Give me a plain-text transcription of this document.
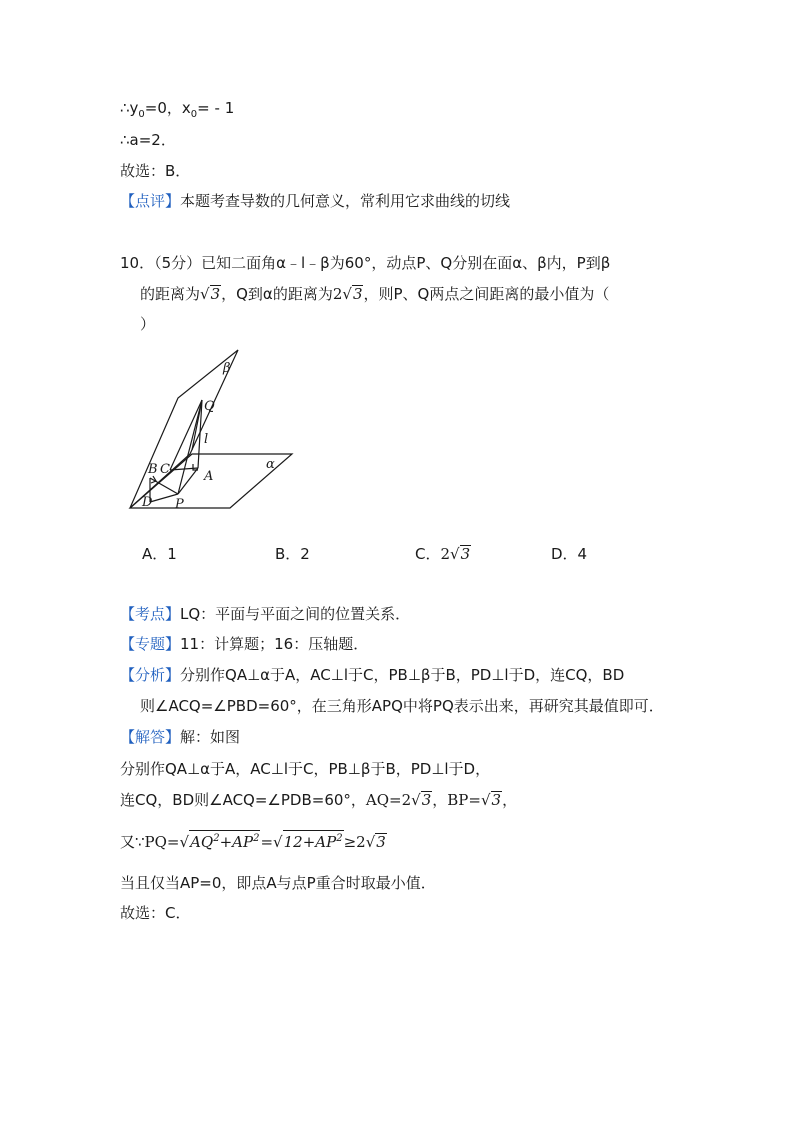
$\therefore y_0=0$，$x_0=$ ‐ 1
∴a=2．
故选：B．
【点评】本题考查导数的几何意义，常利用它求曲线的切线
10．（5分）已知二面角α﹣l﹣β为60°，动点P、Q分别在面α、β内，P到β
的距离为√3，Q到α的距离为2√3，则P、Q两点之间距离的最小值为（
）
β
Q
l
B C	A
D P
α
A．1	B．2	C．2√3	D．4
【考点】LQ：平面与平面之间的位置关系．
【专题】11：计算题；16：压轴题．
【分析】分别作QA⊥α于A，AC⊥l于C，PB⊥β于B，PD⊥l于D，连CQ，BD
则∠ACQ=∠PBD=60°，在三角形APQ中将PQ表示出来，再研究其最值即可．
【解答】解：如图
分别作QA⊥α于A，AC⊥l于C，PB⊥β于B，PD⊥l于D，
连CQ，BD则∠ACQ=∠PDB=60°，AQ=2√3，BP=√3，
又$\because PQ=√AQ^2+AP^2=√12+AP^2\ge 2√3$
当且仅当AP=0，即点A与点P重合时取最小值．
故选：C．
